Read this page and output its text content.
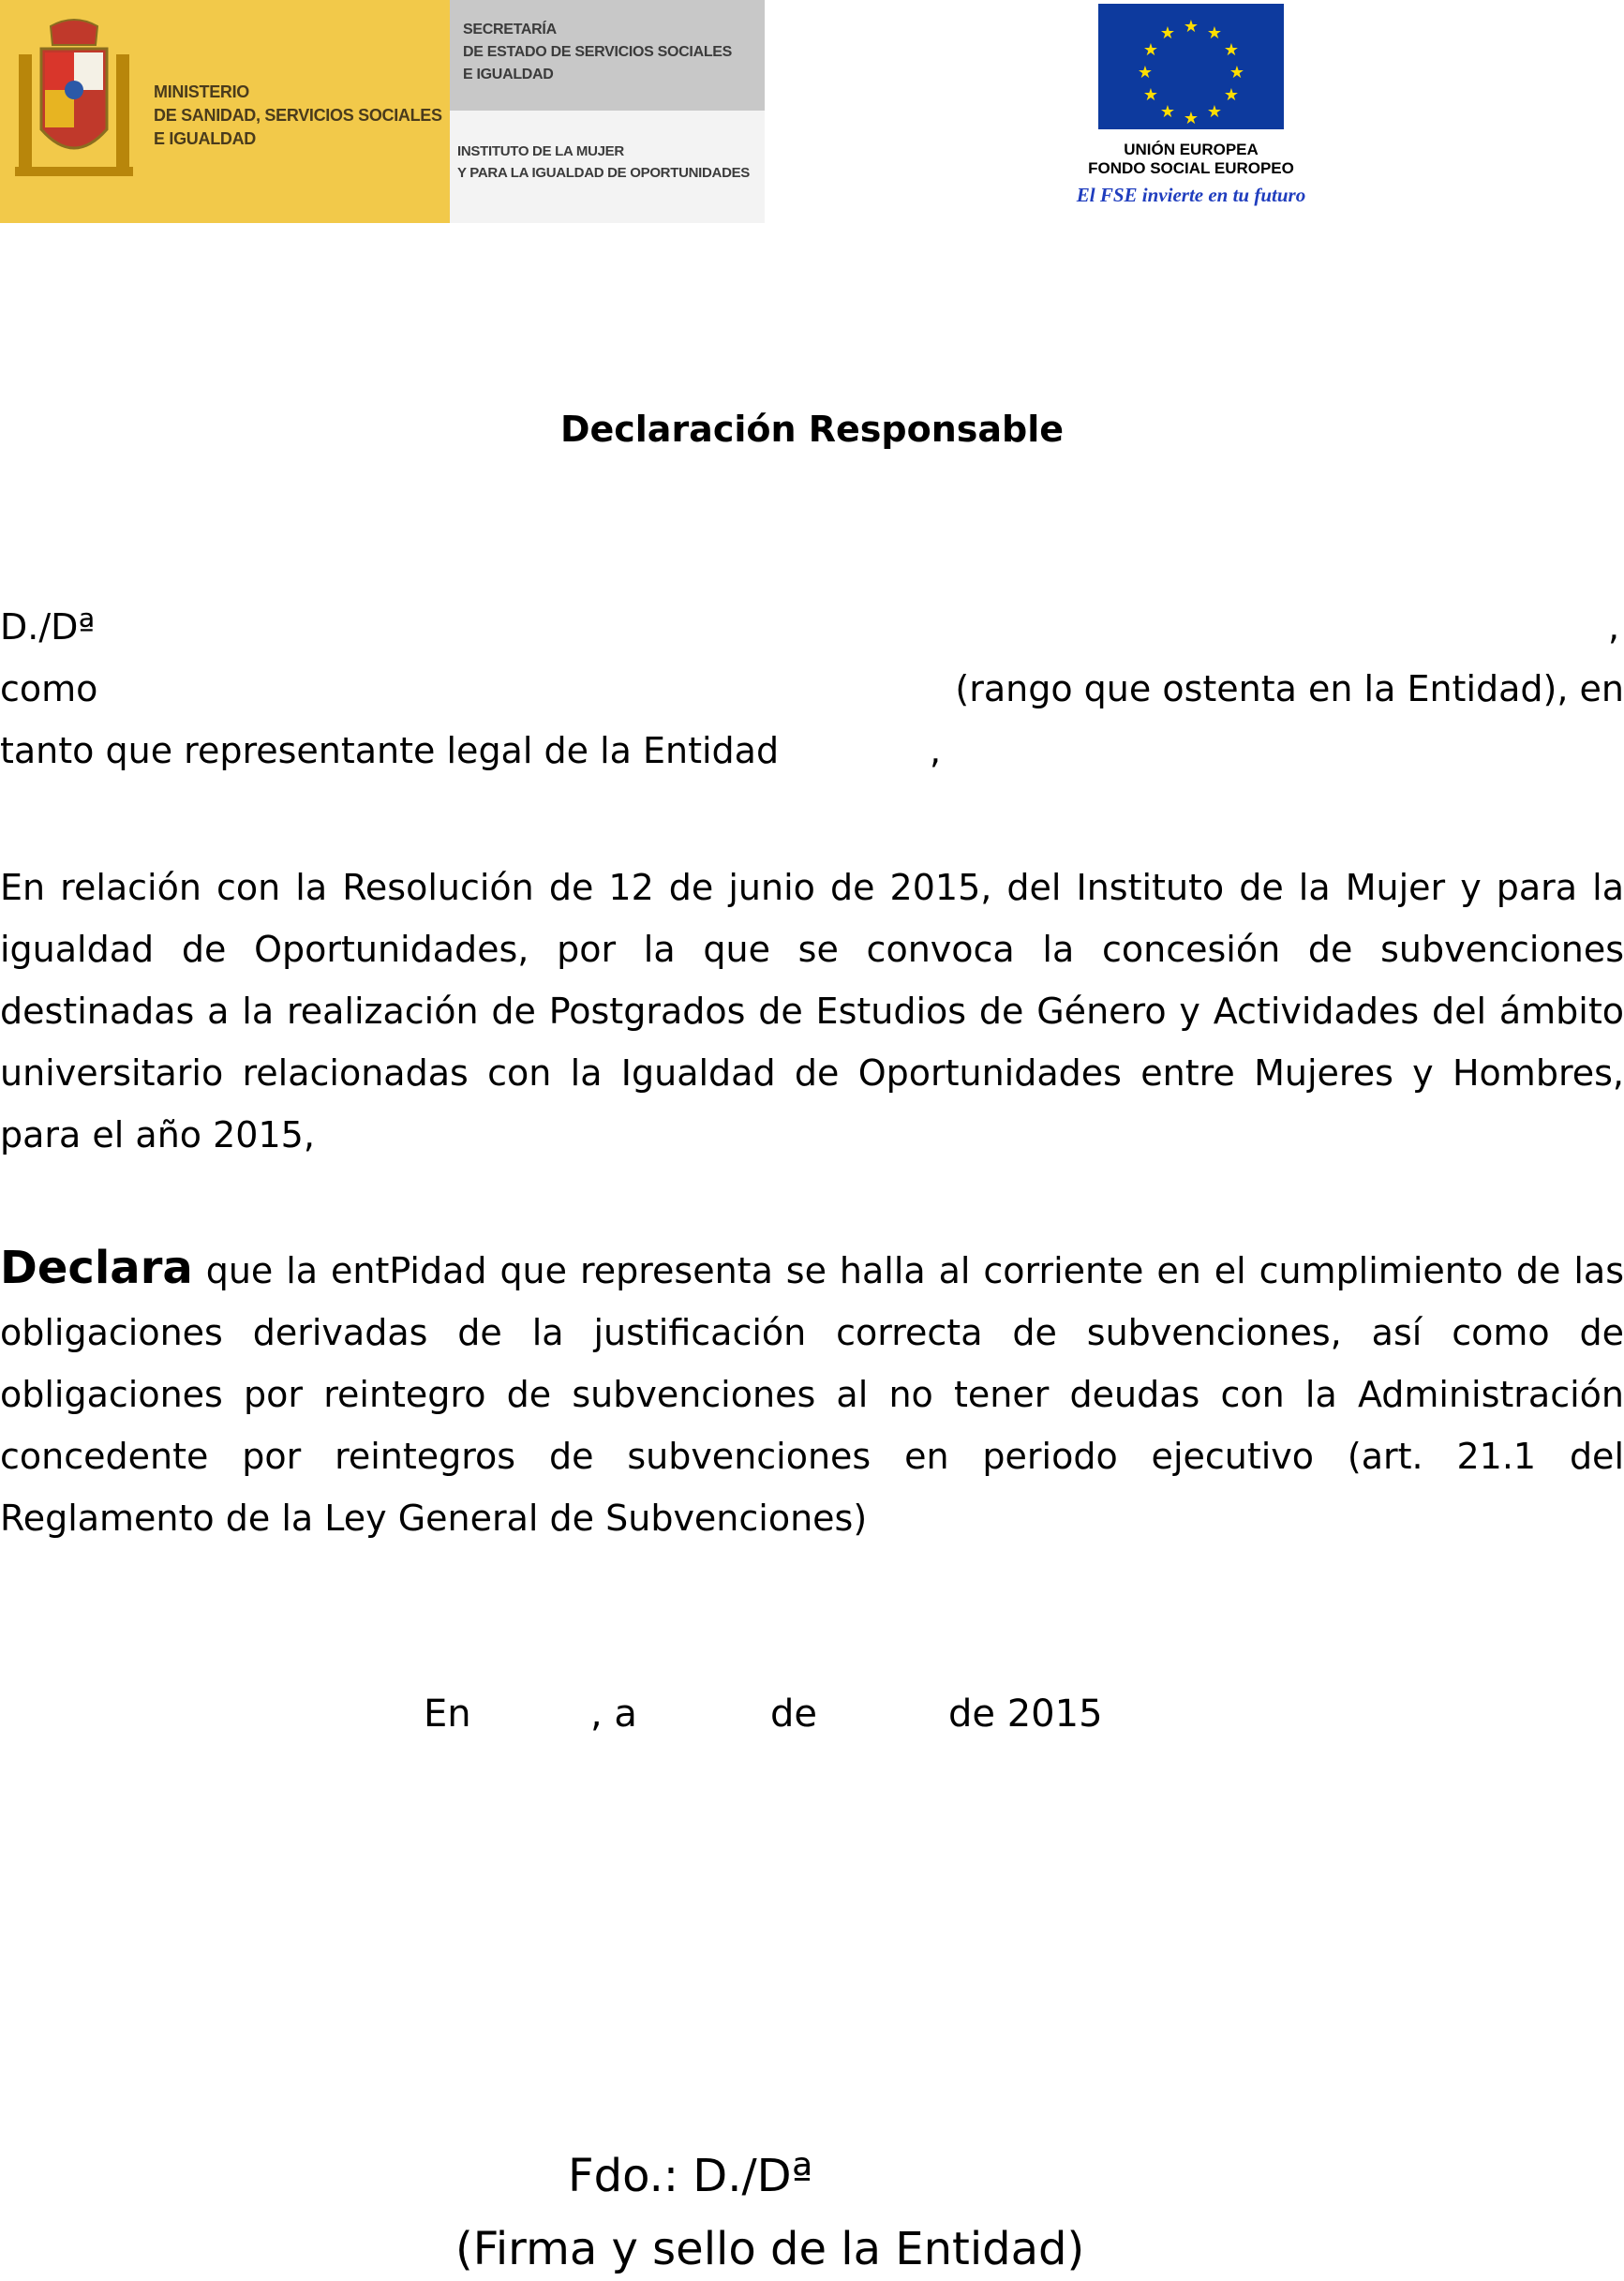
MINISTERIO
DE SANIDAD, SERVICIOS SOCIALES
E IGUALDAD
SECRETARÍA
DE ESTADO DE SERVICIOS SOCIALES
E IGUALDAD
INSTITUTO DE LA MUJER
Y PARA LA IGUALDAD DE OPORTUNIDADES
★ ★
★
★
★
★
★
★
★
★
★
★
UNIÓN EUROPEA
FONDO SOCIAL EUROPEO
El FSE invierte en tu futuro
Declaración Responsable
D./Dª	,
como	(rango que ostenta en la Entidad), en
tanto que representante legal de la Entidad	,
En relación con la Resolución de 12 de junio de 2015, del Instituto de la Mujer y para la igualdad de Oportunidades, por la que se convoca la concesión de subvenciones destinadas a la realización de Postgrados de Estudios de Género y Actividades del ámbito universitario relacionadas con la Igualdad de Oportunidades entre Mujeres y Hombres, para el año 2015,
Declara que la entPidad que representa se halla al corriente en el cumplimiento de las obligaciones derivadas de la justificación correcta de subvenciones, así como de obligaciones por reintegro de subvenciones al no tener deudas con la Administración concedente por reintegros de subvenciones en periodo ejecutivo (art. 21.1 del Reglamento de la Ley General de Subvenciones)
En	, a	de	de 2015
Fdo.: D./Dª
(Firma y sello de la Entidad)
